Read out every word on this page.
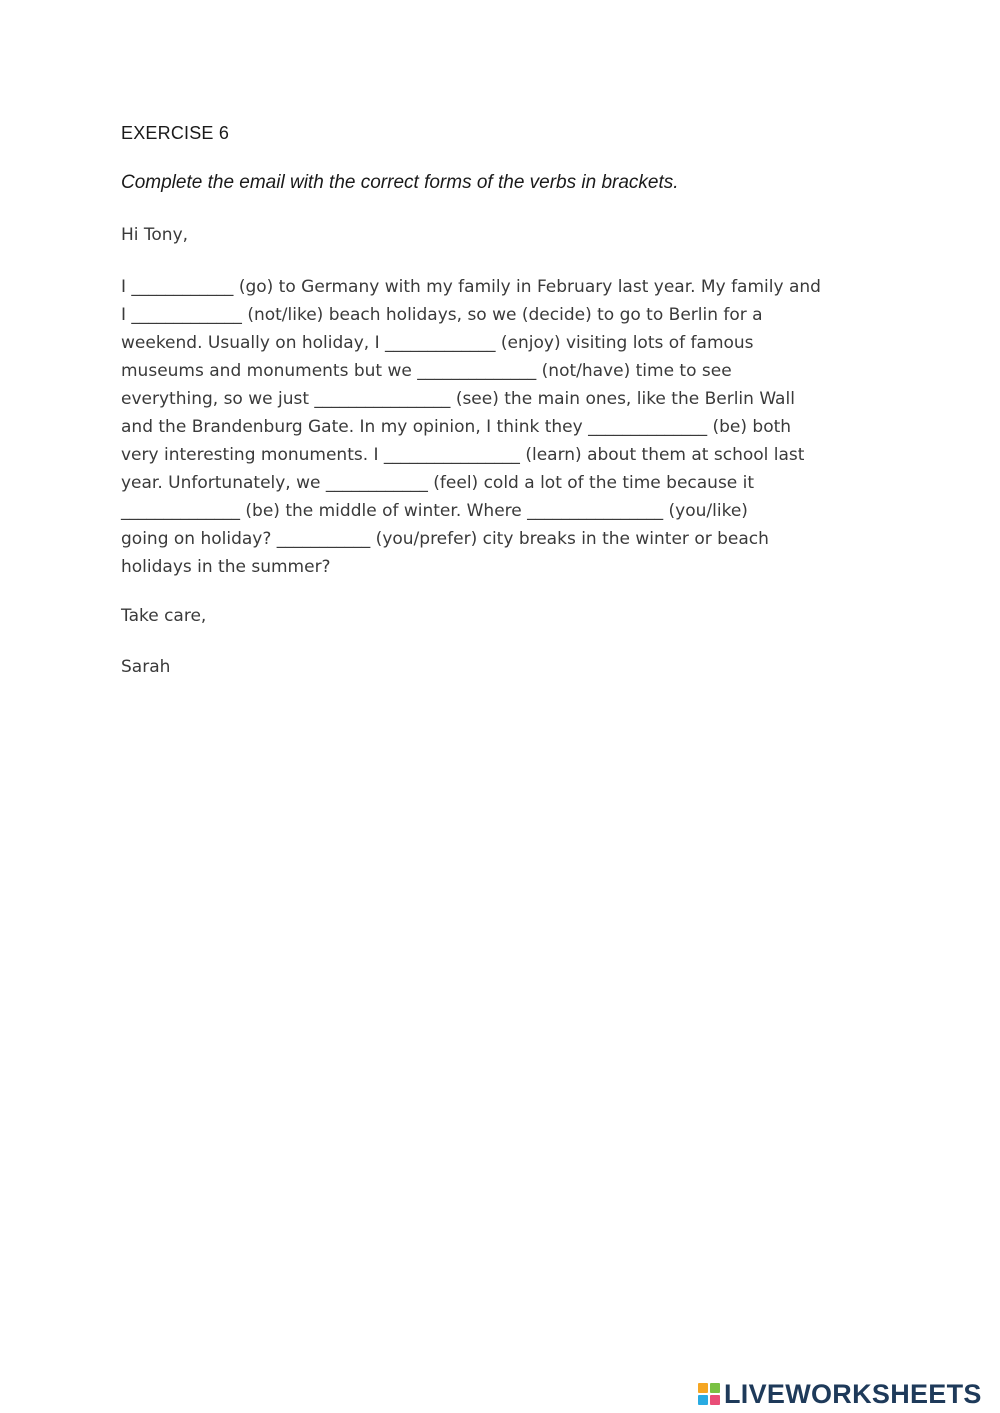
EXERCISE 6
Complete the email with the correct forms of the verbs in brackets.
Hi Tony,
I ____________ (go) to Germany with my family in February last year. My family and
I _____________ (not/like) beach holidays, so we (decide) to go to Berlin for a
weekend. Usually on holiday, I _____________ (enjoy) visiting lots of famous
museums and monuments but we ______________ (not/have) time to see
everything, so we just ________________ (see) the main ones, like the Berlin Wall
and the Brandenburg Gate. In my opinion, I think they ______________ (be) both
very interesting monuments. I ________________ (learn) about them at school last
year. Unfortunately, we ____________ (feel) cold a lot of the time because it
______________ (be) the middle of winter. Where ________________ (you/like)
going on holiday? ___________ (you/prefer) city breaks in the winter or beach
holidays in the summer?
Take care,
Sarah
LIVEWORKSHEETS
